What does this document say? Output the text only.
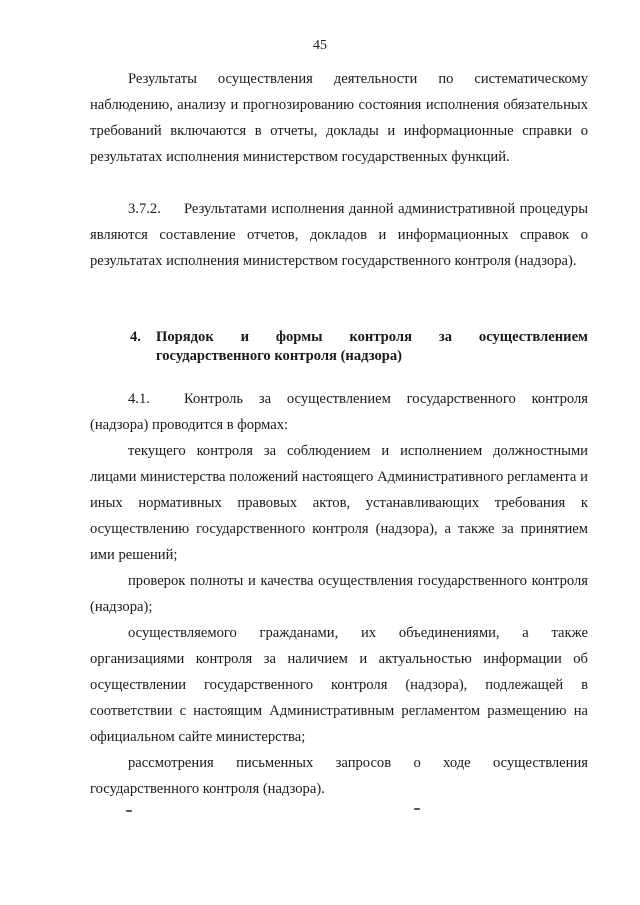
45

Результаты осуществления деятельности по систематическому наблюдению, анализу и прогнозированию состояния исполнения обязательных требований включаются в отчеты, доклады и информационные справки о результатах исполнения министерством государственных функций.

3.7.2. Результатами исполнения данной административной процедуры являются составление отчетов, докладов и информационных справок о результатах исполнения министерством государственного контроля (надзора).

4. Порядок и формы контроля за осуществлением государственного контроля (надзора)

4.1. Контроль за осуществлением государственного контроля (надзора) проводится в формах:

текущего контроля за соблюдением и исполнением должностными лицами министерства положений настоящего Административного регламента и иных нормативных правовых актов, устанавливающих требования к осуществлению государственного контроля (надзора), а также за принятием ими решений;

проверок полноты и качества осуществления государственного контроля (надзора);

осуществляемого гражданами, их объединениями, а также организациями контроля за наличием и актуальностью информации об осуществлении государственного контроля (надзора), подлежащей в соответствии с настоящим Административным регламентом размещению на официальном сайте министерства;

рассмотрения письменных запросов о ходе осуществления государственного контроля (надзора).
